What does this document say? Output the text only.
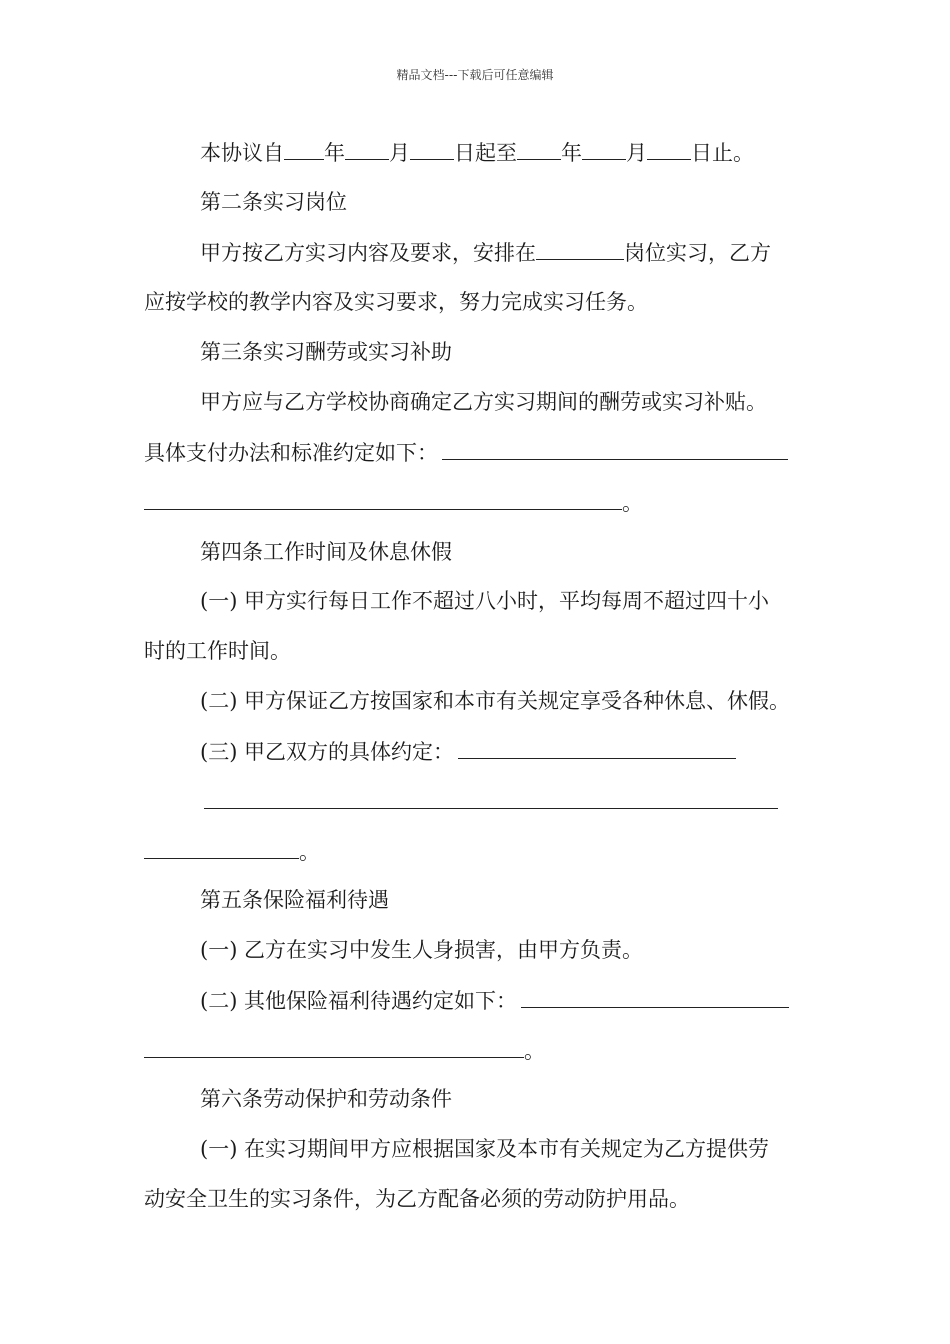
精品文档---下载后可任意编辑
本协议自 年 月 日起至 年 月 日止。
第二条实习岗位
甲方按乙方实习内容及要求，安排在	岗位实习，乙方
应按学校的教学内容及实习要求，努力完成实习任务。
第三条实习酬劳或实习补助
甲方应与乙方学校协商确定乙方实习期间的酬劳或实习补贴。
具体支付办法和标准约定如下：
。
第四条工作时间及休息休假
(一) 甲方实行每日工作不超过八小时，平均每周不超过四十小
时的工作时间。
(二) 甲方保证乙方按国家和本市有关规定享受各种休息、休假。
(三) 甲乙双方的具体约定：
。
第五条保险福利待遇
(一) 乙方在实习中发生人身损害，由甲方负责。
(二) 其他保险福利待遇约定如下：
。
第六条劳动保护和劳动条件
(一) 在实习期间甲方应根据国家及本市有关规定为乙方提供劳
动安全卫生的实习条件，为乙方配备必须的劳动防护用品。
